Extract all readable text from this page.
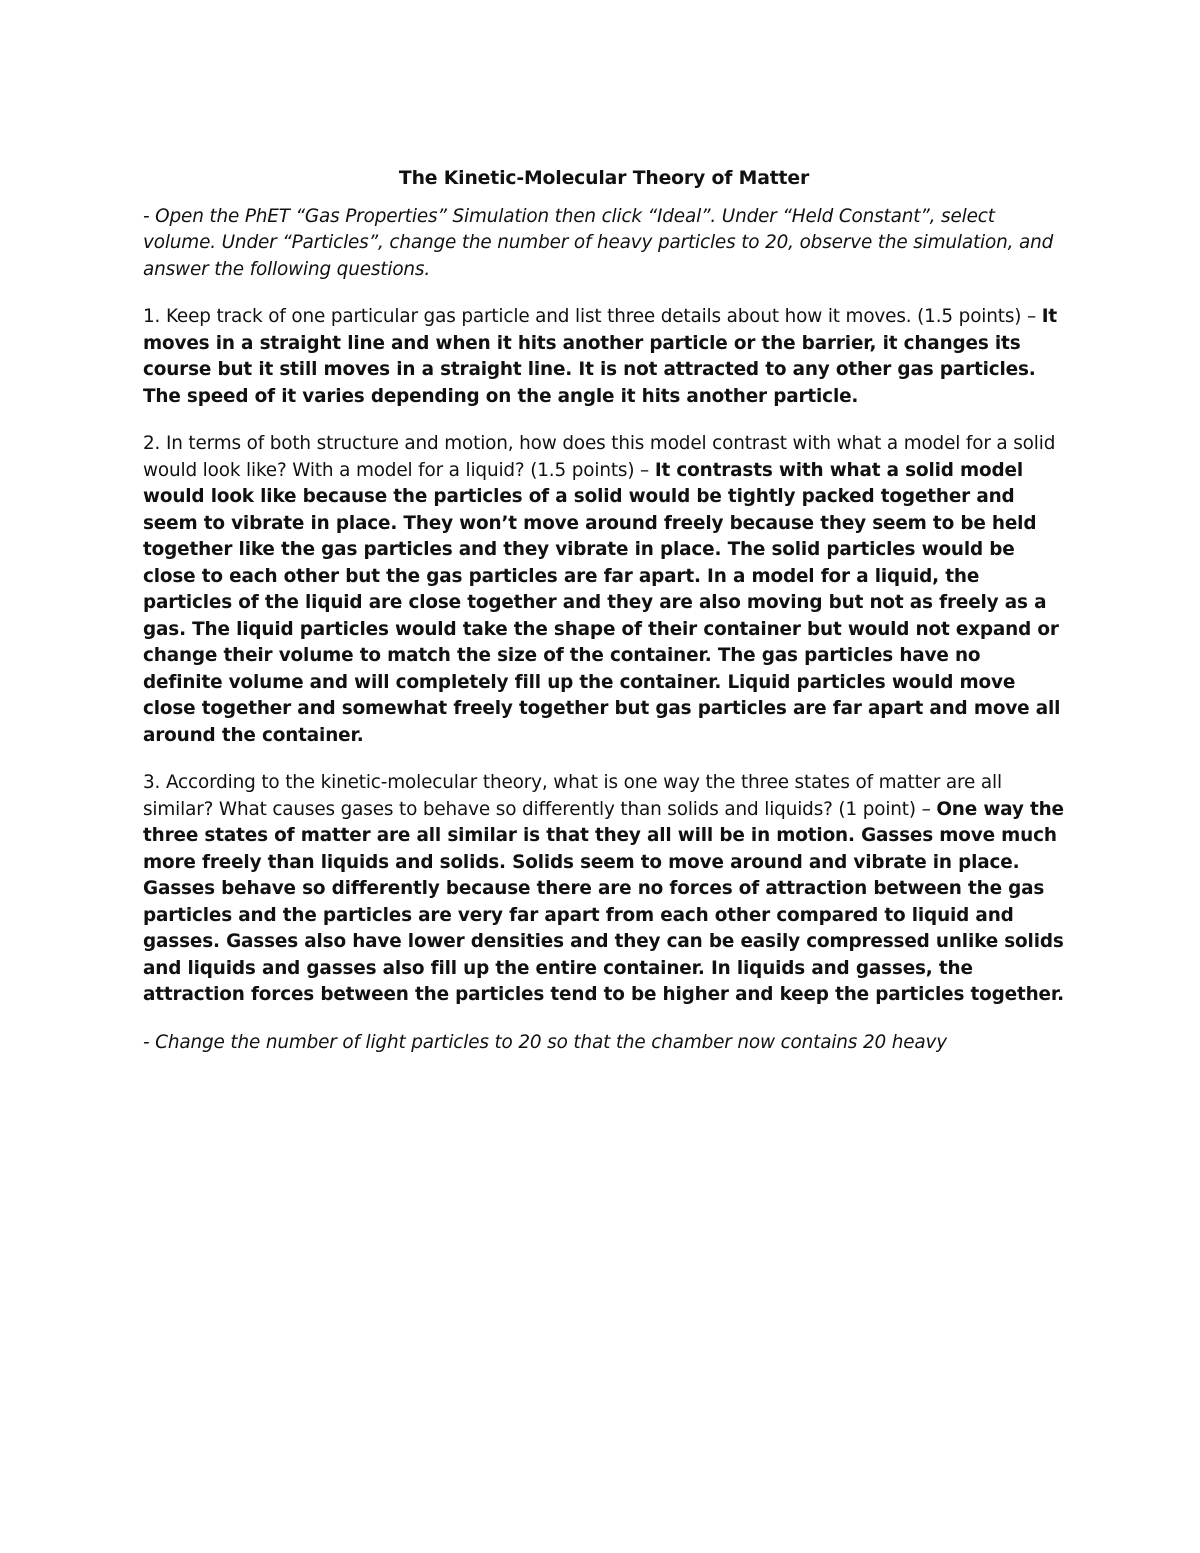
The Kinetic-Molecular Theory of Matter
- Open the PhET “Gas Properties” Simulation then click “Ideal”. Under “Held Constant”, select volume. Under “Particles”, change the number of heavy particles to 20, observe the simulation, and answer the following questions.
1. Keep track of one particular gas particle and list three details about how it moves. (1.5 points) – It moves in a straight line and when it hits another particle or the barrier, it changes its course but it still moves in a straight line. It is not attracted to any other gas particles. The speed of it varies depending on the angle it hits another particle.
2. In terms of both structure and motion, how does this model contrast with what a model for a solid would look like? With a model for a liquid? (1.5 points) – It contrasts with what a solid model would look like because the particles of a solid would be tightly packed together and seem to vibrate in place. They won’t move around freely because they seem to be held together like the gas particles and they vibrate in place. The solid particles would be close to each other but the gas particles are far apart. In a model for a liquid, the particles of the liquid are close together and they are also moving but not as freely as a gas. The liquid particles would take the shape of their container but would not expand or change their volume to match the size of the container. The gas particles have no definite volume and will completely fill up the container. Liquid particles would move close together and somewhat freely together but gas particles are far apart and move all around the container.
3. According to the kinetic-molecular theory, what is one way the three states of matter are all similar? What causes gases to behave so differently than solids and liquids? (1 point) – One way the three states of matter are all similar is that they all will be in motion. Gasses move much more freely than liquids and solids. Solids seem to move around and vibrate in place. Gasses behave so differently because there are no forces of attraction between the gas particles and the particles are very far apart from each other compared to liquid and gasses. Gasses also have lower densities and they can be easily compressed unlike solids and liquids and gasses also fill up the entire container. In liquids and gasses, the attraction forces between the particles tend to be higher and keep the particles together.
- Change the number of light particles to 20 so that the chamber now contains 20 heavy
